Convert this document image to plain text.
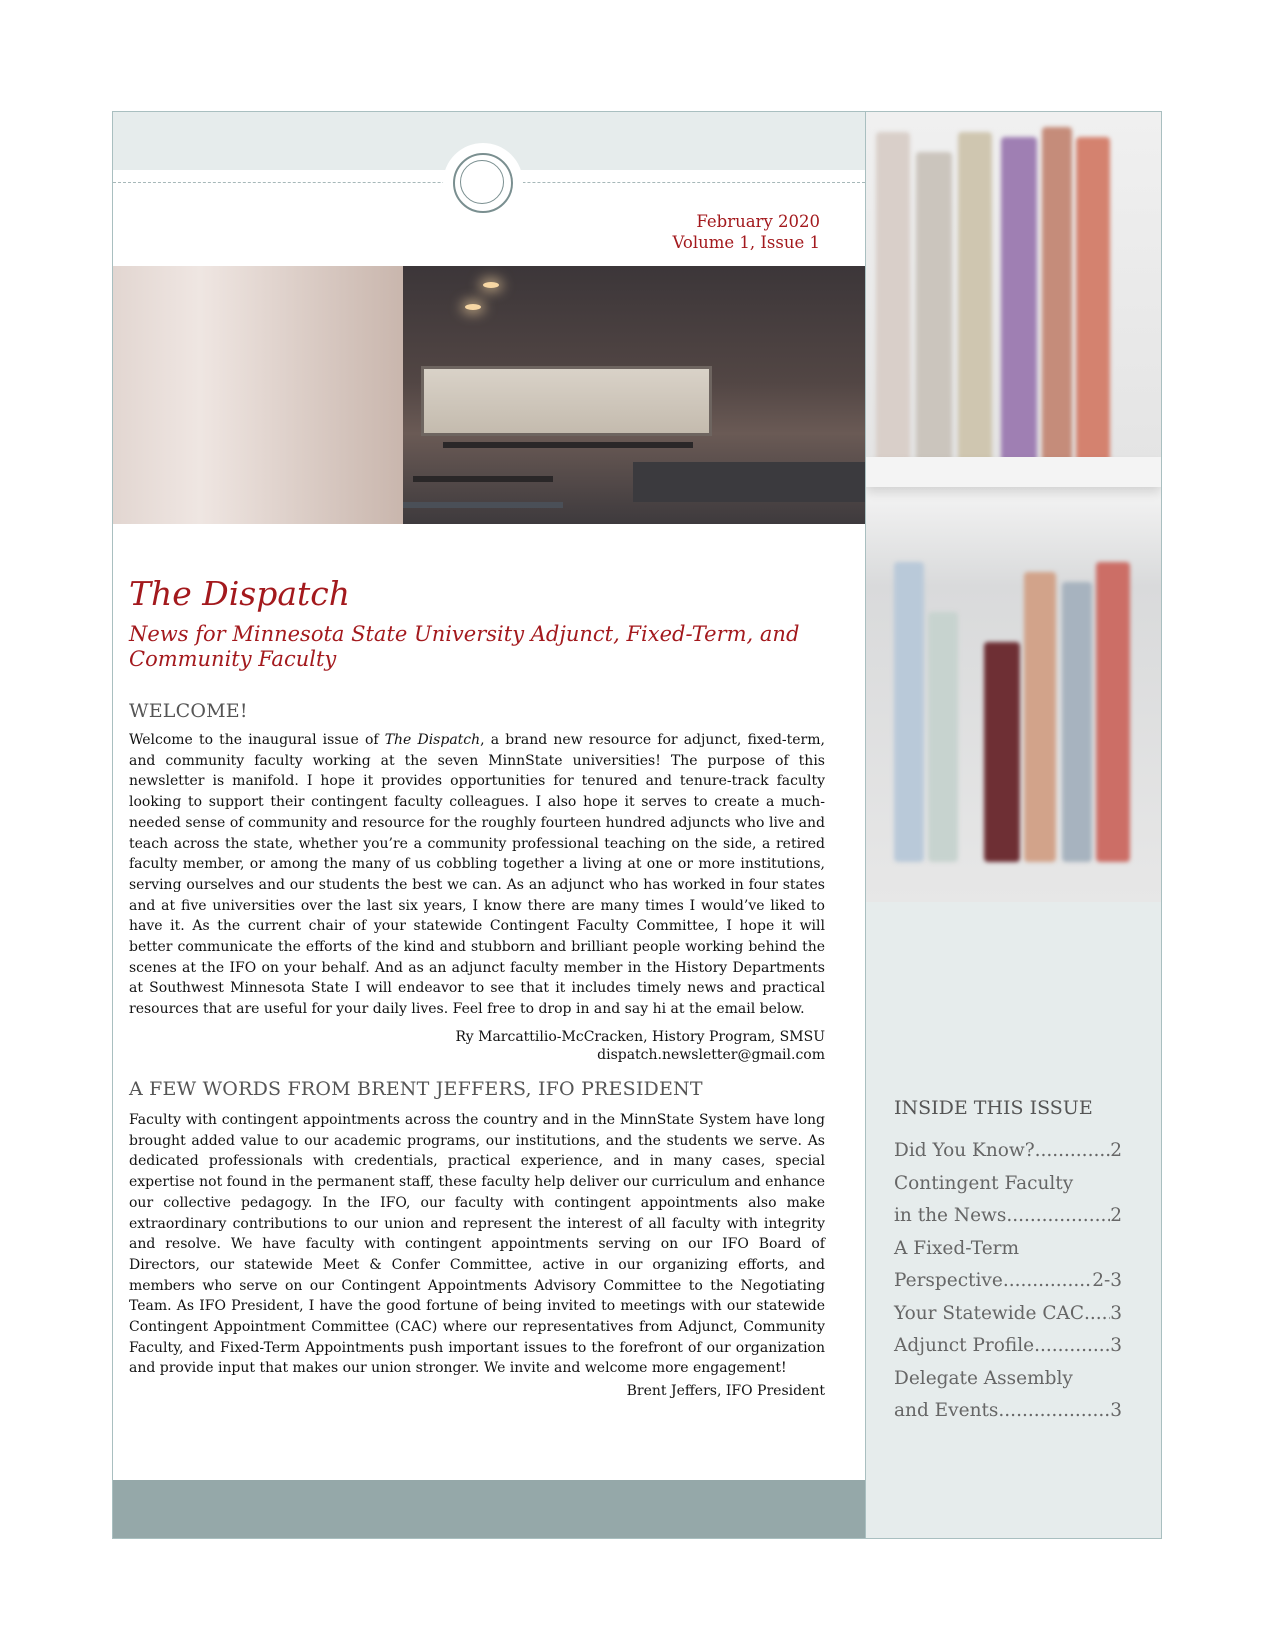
February 2020
Volume 1, Issue 1
The Dispatch
News for Minnesota State University Adjunct, Fixed-Term, and Community Faculty
WELCOME!
Welcome to the inaugural issue of The Dispatch, a brand new resource for adjunct, fixed-term, and community faculty working at the seven MinnState universities! The purpose of this newsletter is manifold. I hope it provides opportunities for tenured and tenure-track faculty looking to support their contingent faculty colleagues. I also hope it serves to create a much-needed sense of community and resource for the roughly fourteen hundred adjuncts who live and teach across the state, whether you’re a community professional teaching on the side, a retired faculty member, or among the many of us cobbling together a living at one or more institutions, serving ourselves and our students the best we can. As an adjunct who has worked in four states and at five universities over the last six years, I know there are many times I would’ve liked to have it. As the current chair of your statewide Contingent Faculty Committee, I hope it will better communicate the efforts of the kind and stubborn and brilliant people working behind the scenes at the IFO on your behalf. And as an adjunct faculty member in the History Departments at Southwest Minnesota State I will endeavor to see that it includes timely news and practical resources that are useful for your daily lives. Feel free to drop in and say hi at the email below.
Ry Marcattilio-McCracken, History Program, SMSU
dispatch.newsletter@gmail.com
A FEW WORDS FROM BRENT JEFFERS, IFO PRESIDENT
Faculty with contingent appointments across the country and in the MinnState System have long brought added value to our academic programs, our institutions, and the students we serve. As dedicated professionals with credentials, practical experience, and in many cases, special expertise not found in the permanent staff, these faculty help deliver our curriculum and enhance our collective pedagogy. In the IFO, our faculty with contingent appointments also make extraordinary contributions to our union and represent the interest of all faculty with integrity and resolve. We have faculty with contingent appointments serving on our IFO Board of Directors, our statewide Meet & Confer Committee, active in our organizing efforts, and members who serve on our Contingent Appointments Advisory Committee to the Negotiating Team. As IFO President, I have the good fortune of being invited to meetings with our statewide Contingent Appointment Committee (CAC) where our representatives from Adjunct, Community Faculty, and Fixed-Term Appointments push important issues to the forefront of our organization and provide input that makes our union stronger. We invite and welcome more engagement!
Brent Jeffers, IFO President
INSIDE THIS ISSUE
Did You Know? .....	2
Contingent Faculty
in the News .....	2
A Fixed-Term
Perspective .....	2-3
Your Statewide CAC ..... 3
Adjunct Profile .....	3
Delegate Assembly
and Events .....	3
